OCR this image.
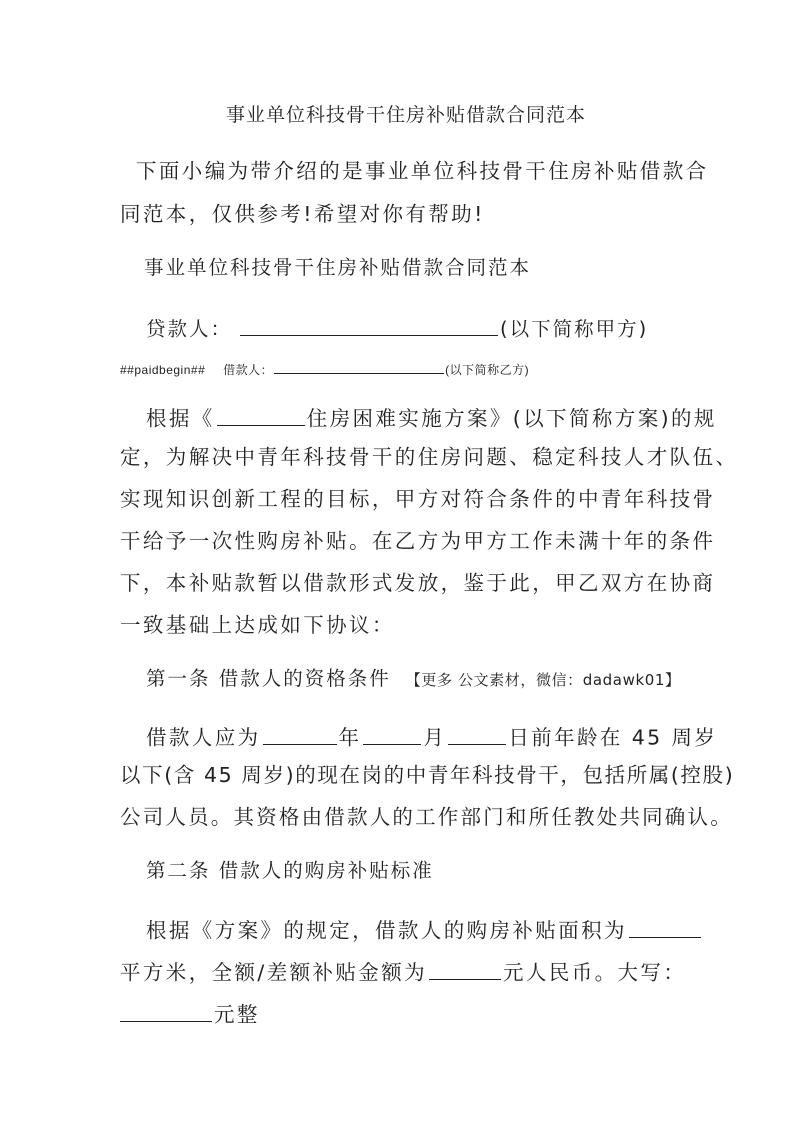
事业单位科技骨干住房补贴借款合同范本
下面小编为带介绍的是事业单位科技骨干住房补贴借款合
同范本，仅供参考!希望对你有帮助!
事业单位科技骨干住房补贴借款合同范本
贷款人：	(以下简称甲方)
##paidbegin## 借款人：	(以下简称乙方)
根据《	住房困难实施方案》(以下简称方案)的规
定，为解决中青年科技骨干的住房问题、稳定科技人才队伍、
实现知识创新工程的目标，甲方对符合条件的中青年科技骨
干给予一次性购房补贴。在乙方为甲方工作未满十年的条件
下，本补贴款暂以借款形式发放，鉴于此，甲乙双方在协商
一致基础上达成如下协议：
第一条 借款人的资格条件 【更多 公文素材，微信：dadawk01】
借款人应为	年	月	日前年龄在 45 周岁
以下(含 45 周岁)的现在岗的中青年科技骨干，包括所属(控股)
公司人员。其资格由借款人的工作部门和所任教处共同确认。
第二条 借款人的购房补贴标准
根据《方案》的规定，借款人的购房补贴面积为
平方米，全额/差额补贴金额为	元人民币。大写：
元整
